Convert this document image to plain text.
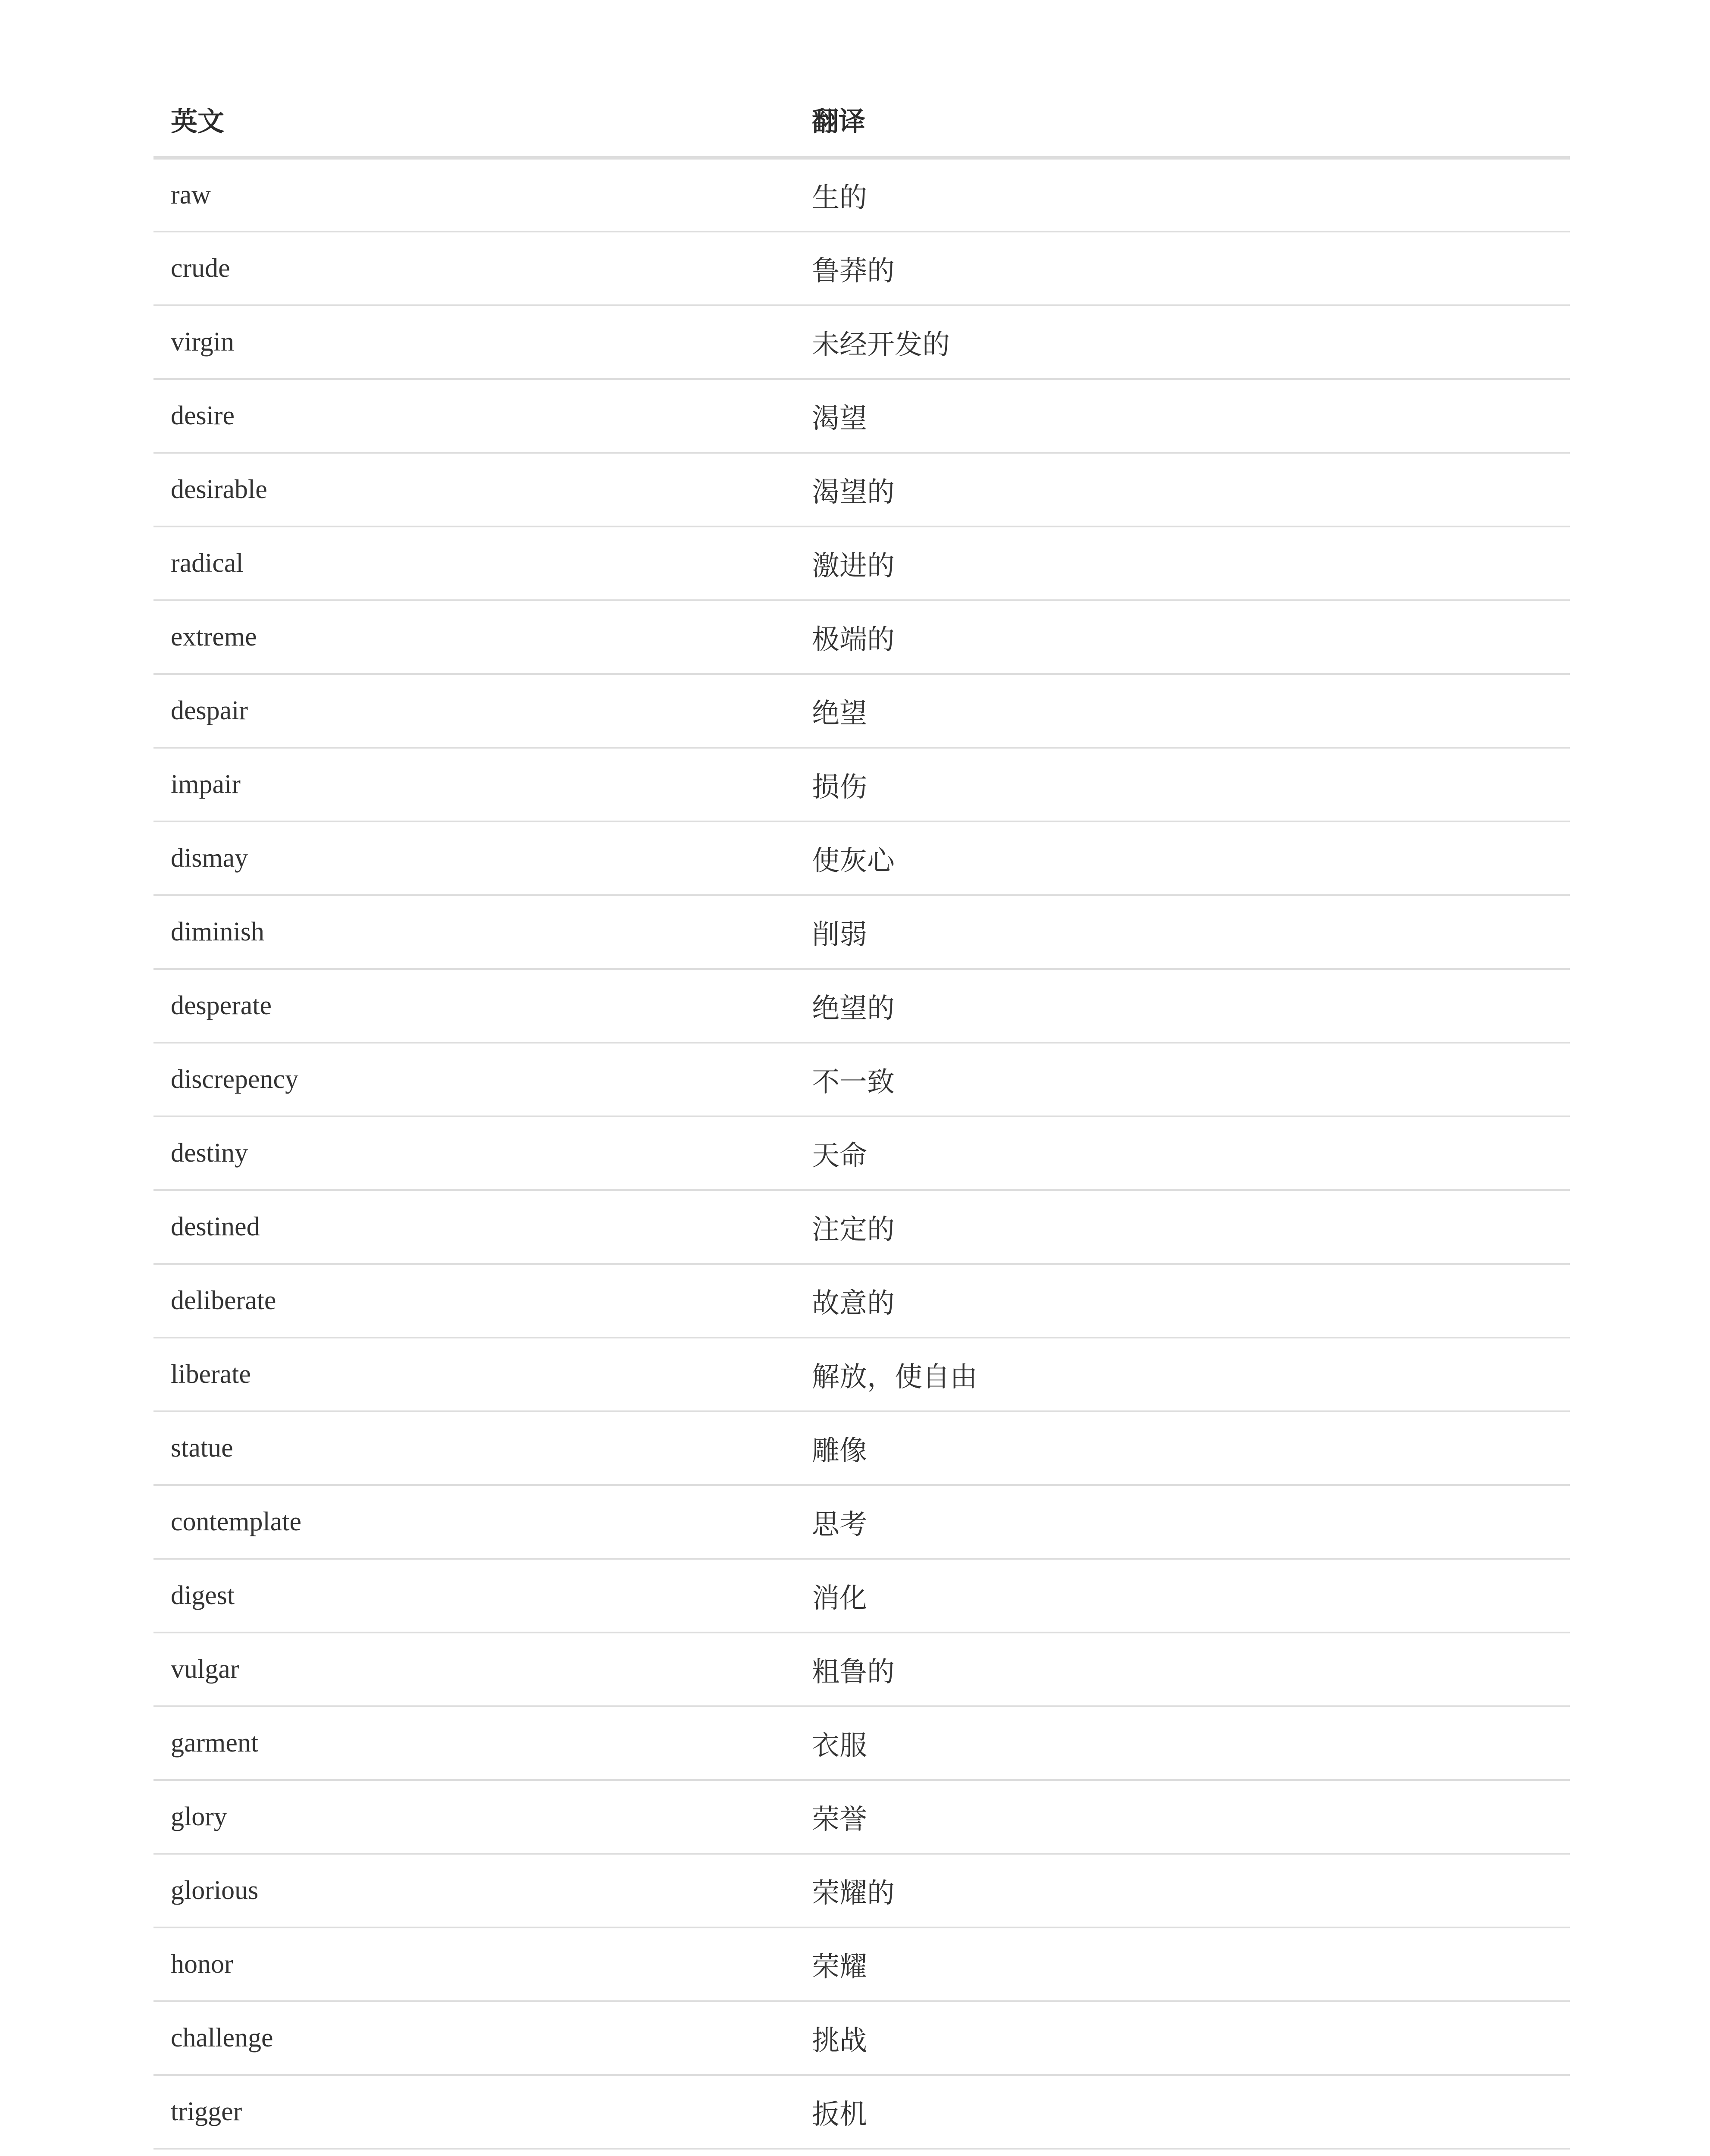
英文	翻译
raw	生的
crude	鲁莽的
virgin	未经开发的
desire	渴望
desirable	渴望的
radical	激进的
extreme	极端的
despair	绝望
impair	损伤
dismay	使灰心
diminish	削弱
desperate	绝望的
discrepency	不一致
destiny	天命
destined	注定的
deliberate	故意的
liberate	解放，使自由
statue	雕像
contemplate	思考
digest	消化
vulgar	粗鲁的
garment	衣服
glory	荣誉
glorious	荣耀的
honor	荣耀
challenge	挑战
trigger	扳机
